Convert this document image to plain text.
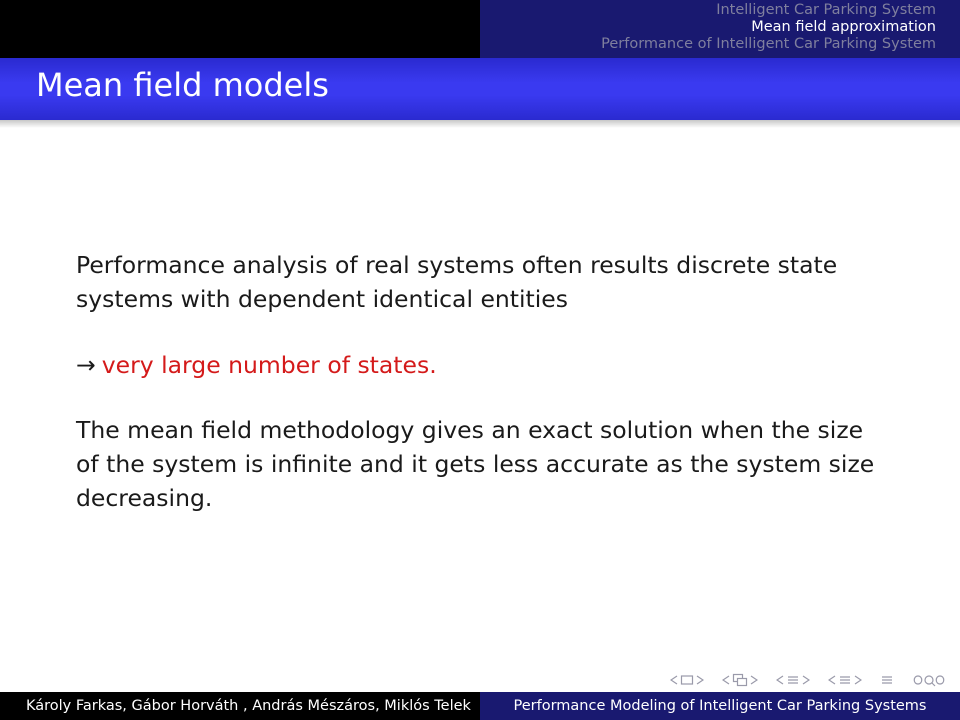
Intelligent Car Parking System
Mean field approximation
Performance of Intelligent Car Parking System
Mean field models
Performance analysis of real systems often results discrete state
systems with dependent identical entities
→ very large number of states.
The mean field methodology gives an exact solution when the size
of the system is infinite and it gets less accurate as the system size
decreasing.
Károly Farkas, Gábor Horváth , András Mészáros, Miklós Telek	Performance Modeling of Intelligent Car Parking Systems
